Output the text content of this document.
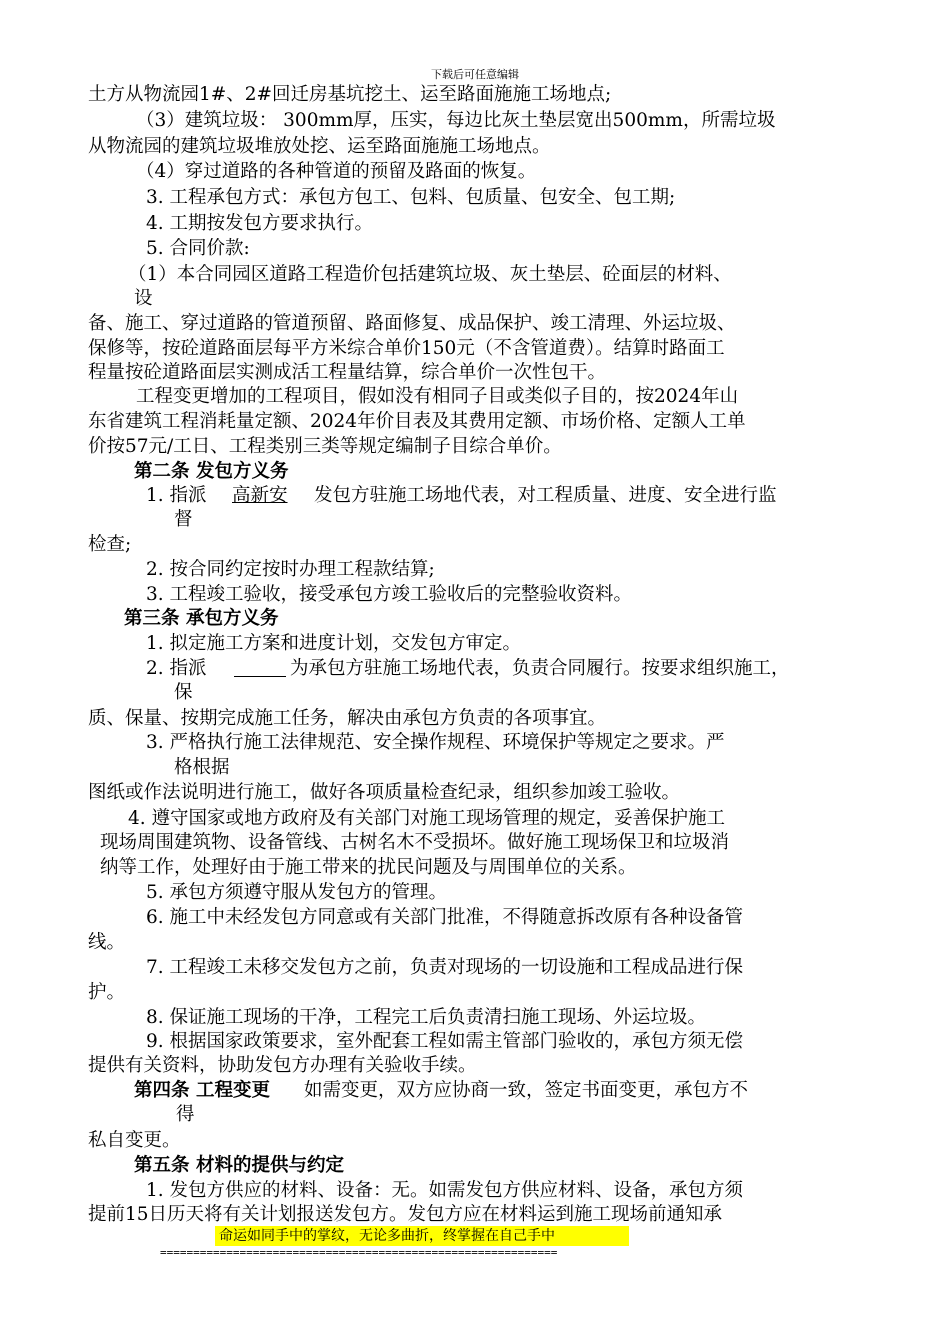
下载后可任意编辑
土方从物流园1#、2#回迁房基坑挖土、运至路面施施工场地点;
（3）建筑垃圾： 300mm厚，压实，每边比灰土垫层宽出500mm，所需垃圾
从物流园的建筑垃圾堆放处挖、运至路面施施工场地点。
（4）穿过道路的各种管道的预留及路面的恢复。
3. 工程承包方式：承包方包工、包料、包质量、包安全、包工期;
4. 工期按发包方要求执行。
5. 合同价款:
（1）本合同园区道路工程造价包括建筑垃圾、灰土垫层、砼面层的材料、
设
备、施工、穿过道路的管道预留、路面修复、成品保护、竣工清理、外运垃圾、
保修等，按砼道路面层每平方米综合单价150元（不含管道费）。结算时路面工
程量按砼道路面层实测成活工程量结算，综合单价一次性包干。
工程变更增加的工程项目，假如没有相同子目或类似子目的，按2024年山
东省建筑工程消耗量定额、2024年价目表及其费用定额、市场价格、定额人工单
价按57元/工日、工程类别三类等规定编制子目综合单价。
第二条 发包方义务
1. 指派 高新安 发包方驻施工场地代表，对工程质量、进度、安全进行监
督
检查;
2. 按合同约定按时办理工程款结算;
3. 工程竣工验收，接受承包方竣工验收后的完整验收资料。
第三条 承包方义务
1. 拟定施工方案和进度计划，交发包方审定。
2. 指派	为承包方驻施工场地代表，负责合同履行。按要求组织施工，
保
质、保量、按期完成施工任务，解决由承包方负责的各项事宜。
3. 严格执行施工法律规范、安全操作规程、环境保护等规定之要求。严
格根据
图纸或作法说明进行施工，做好各项质量检查纪录，组织参加竣工验收。
4. 遵守国家或地方政府及有关部门对施工现场管理的规定，妥善保护施工
现场周围建筑物、设备管线、古树名木不受损坏。做好施工现场保卫和垃圾消
纳等工作，处理好由于施工带来的扰民问题及与周围单位的关系。
5. 承包方须遵守服从发包方的管理。
6. 施工中未经发包方同意或有关部门批准，不得随意拆改原有各种设备管
线。
7. 工程竣工未移交发包方之前，负责对现场的一切设施和工程成品进行保
护。
8. 保证施工现场的干净，工程完工后负责清扫施工现场、外运垃圾。
9. 根据国家政策要求，室外配套工程如需主管部门验收的，承包方须无偿
提供有关资料，协助发包方办理有关验收手续。
第四条 工程变更 如需变更，双方应协商一致，签定书面变更，承包方不
得
私自变更。
第五条 材料的提供与约定
1. 发包方供应的材料、设备：无。如需发包方供应材料、设备，承包方须
提前15日历天将有关计划报送发包方。发包方应在材料运到施工现场前通知承
命运如同手中的掌纹，无论多曲折，终掌握在自己手中
============================================================
